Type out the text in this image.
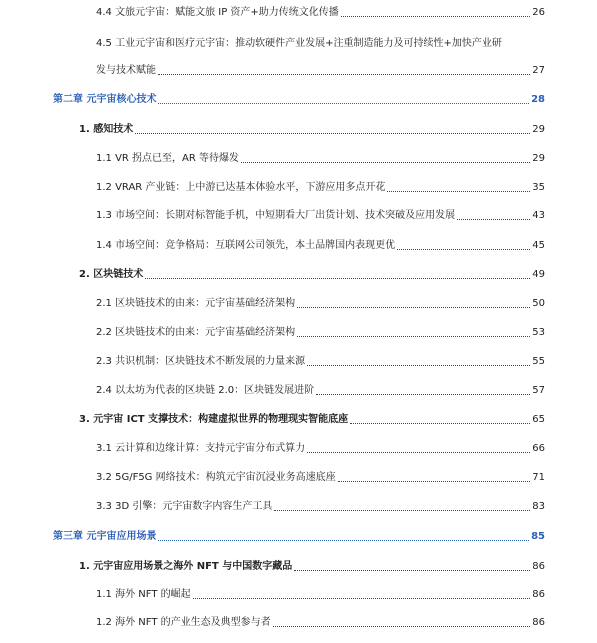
4.4 文旅元宇宙：赋能文旅 IP 资产+助力传统文化传播	26
4.5 工业元宇宙和医疗元宇宙：推动软硬件产业发展+注重制造能力及可持续性+加快产业研
发与技术赋能	27
第二章 元宇宙核心技术	28
1. 感知技术	29
1.1 VR 拐点已至，AR 等待爆发	29
1.2 VRAR 产业链：上中游已达基本体验水平，下游应用多点开花	35
1.3 市场空间：长期对标智能手机，中短期看大厂出货计划、技术突破及应用发展	43
1.4 市场空间：竞争格局：互联网公司领先，本土品牌国内表现更优	45
2. 区块链技术	49
2.1 区块链技术的由来：元宇宙基础经济架构	50
2.2 区块链技术的由来：元宇宙基础经济架构	53
2.3 共识机制：区块链技术不断发展的力量来源	55
2.4 以太坊为代表的区块链 2.0：区块链发展进阶	57
3. 元宇宙 ICT 支撑技术：构建虚拟世界的物理现实智能底座	65
3.1 云计算和边缘计算：支持元宇宙分布式算力	66
3.2 5G/F5G 网络技术：构筑元宇宙沉浸业务高速底座	71
3.3 3D 引擎：元宇宙数字内容生产工具	83
第三章 元宇宙应用场景	85
1. 元宇宙应用场景之海外 NFT 与中国数字藏品	86
1.1 海外 NFT 的崛起	86
1.2 海外 NFT 的产业生态及典型参与者	86
